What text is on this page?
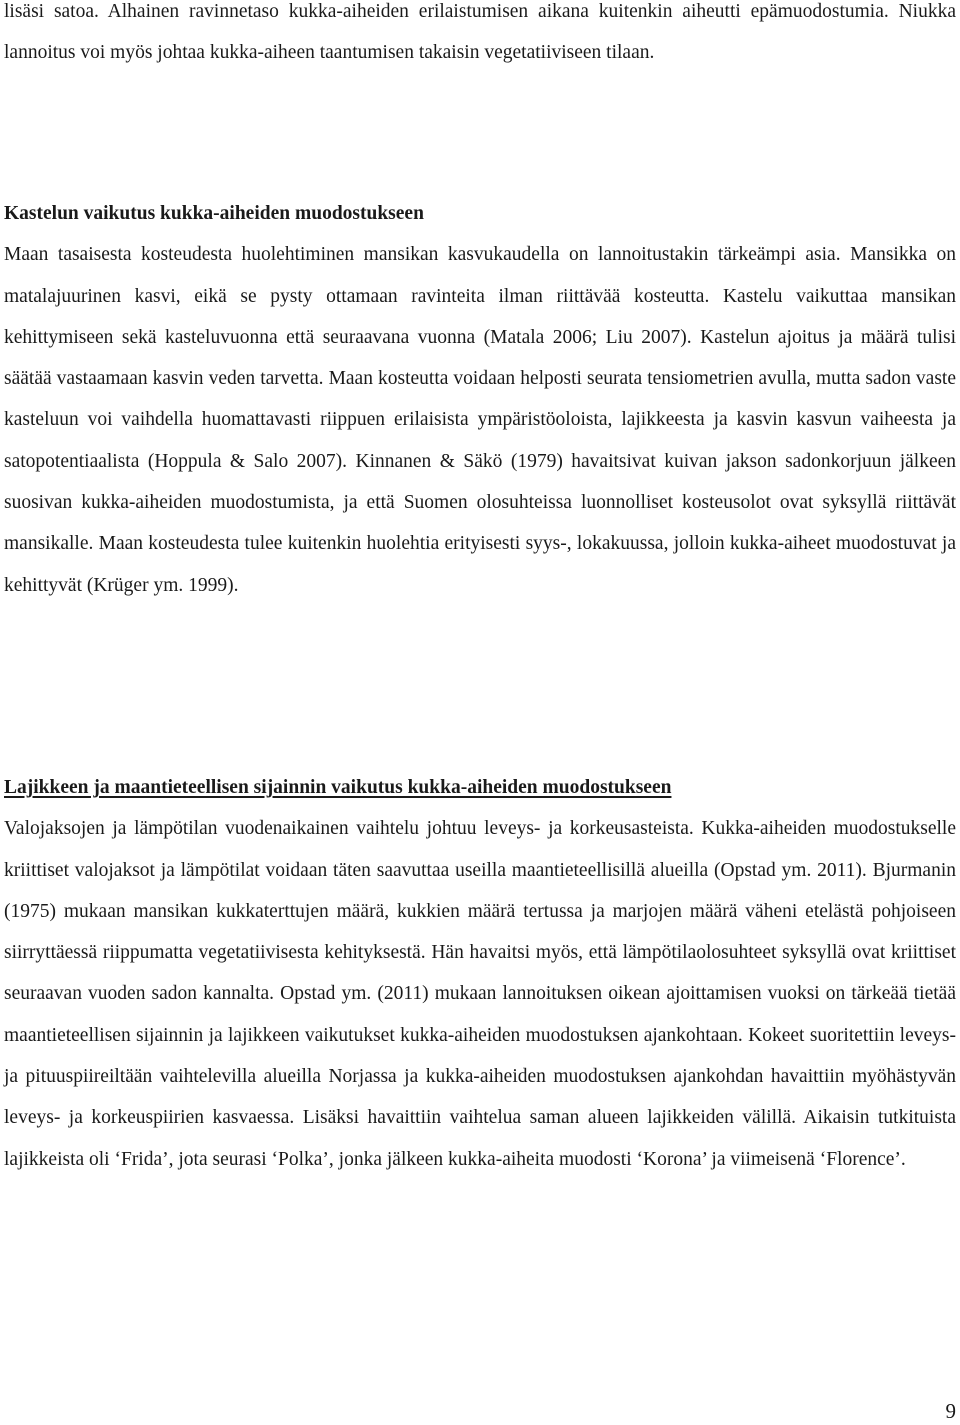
lisäsi satoa. Alhainen ravinnetaso kukka-aiheiden erilaistumisen aikana kuitenkin aiheutti epämuodostumia. Niukka lannoitus voi myös johtaa kukka-aiheen taantumisen takaisin vegetatiiviseen tilaan.

Kastelun vaikutus kukka-aiheiden muodostukseen

Maan tasaisesta kosteudesta huolehtiminen mansikan kasvukaudella on lannoitustakin tärkeämpi asia. Mansikka on matalajuurinen kasvi, eikä se pysty ottamaan ravinteita ilman riittävää kosteutta. Kastelu vaikuttaa mansikan kehittymiseen sekä kasteluvuonna että seuraavana vuonna (Matala 2006; Liu 2007). Kastelun ajoitus ja määrä tulisi säätää vastaamaan kasvin veden tarvetta. Maan kosteutta voidaan helposti seurata tensiometrien avulla, mutta sadon vaste kasteluun voi vaihdella huomattavasti riippuen erilaisista ympäristöoloista, lajikkeesta ja kasvin kasvun vaiheesta ja satopotentiaalista (Hoppula & Salo 2007). Kinnanen & Säkö (1979) havaitsivat kuivan jakson sadonkorjuun jälkeen suosivan kukka-aiheiden muodostumista, ja että Suomen olosuhteissa luonnolliset kosteusolot ovat syksyllä riittävät mansikalle. Maan kosteudesta tulee kuitenkin huolehtia erityisesti syys-, lokakuussa, jolloin kukka-aiheet muodostuvat ja kehittyvät (Krüger ym. 1999).

Lajikkeen ja maantieteellisen sijainnin vaikutus kukka-aiheiden muodostukseen

Valojaksojen ja lämpötilan vuodenaikainen vaihtelu johtuu leveys- ja korkeusasteista. Kukka-aiheiden muodostukselle kriittiset valojaksot ja lämpötilat voidaan täten saavuttaa useilla maantieteellisillä alueilla (Opstad ym. 2011). Bjurmanin (1975) mukaan mansikan kukkaterttujen määrä, kukkien määrä tertussa ja marjojen määrä väheni etelästä pohjoiseen siirryttäessä riippumatta vegetatiivisesta kehityksestä. Hän havaitsi myös, että lämpötilaolosuhteet syksyllä ovat kriittiset seuraavan vuoden sadon kannalta. Opstad ym. (2011) mukaan lannoituksen oikean ajoittamisen vuoksi on tärkeää tietää maantieteellisen sijainnin ja lajikkeen vaikutukset kukka-aiheiden muodostuksen ajankohtaan. Kokeet suoritettiin leveys- ja pituuspiireiltään vaihtelevilla alueilla Norjassa ja kukka-aiheiden muodostuksen ajankohdan havaittiin myöhästyvän leveys- ja korkeuspiirien kasvaessa. Lisäksi havaittiin vaihtelua saman alueen lajikkeiden välillä. Aikaisin tutkituista lajikkeista oli ‘Frida’, jota seurasi ‘Polka’, jonka jälkeen kukka-aiheita muodosti ‘Korona’ ja viimeisenä ‘Florence’.

9
